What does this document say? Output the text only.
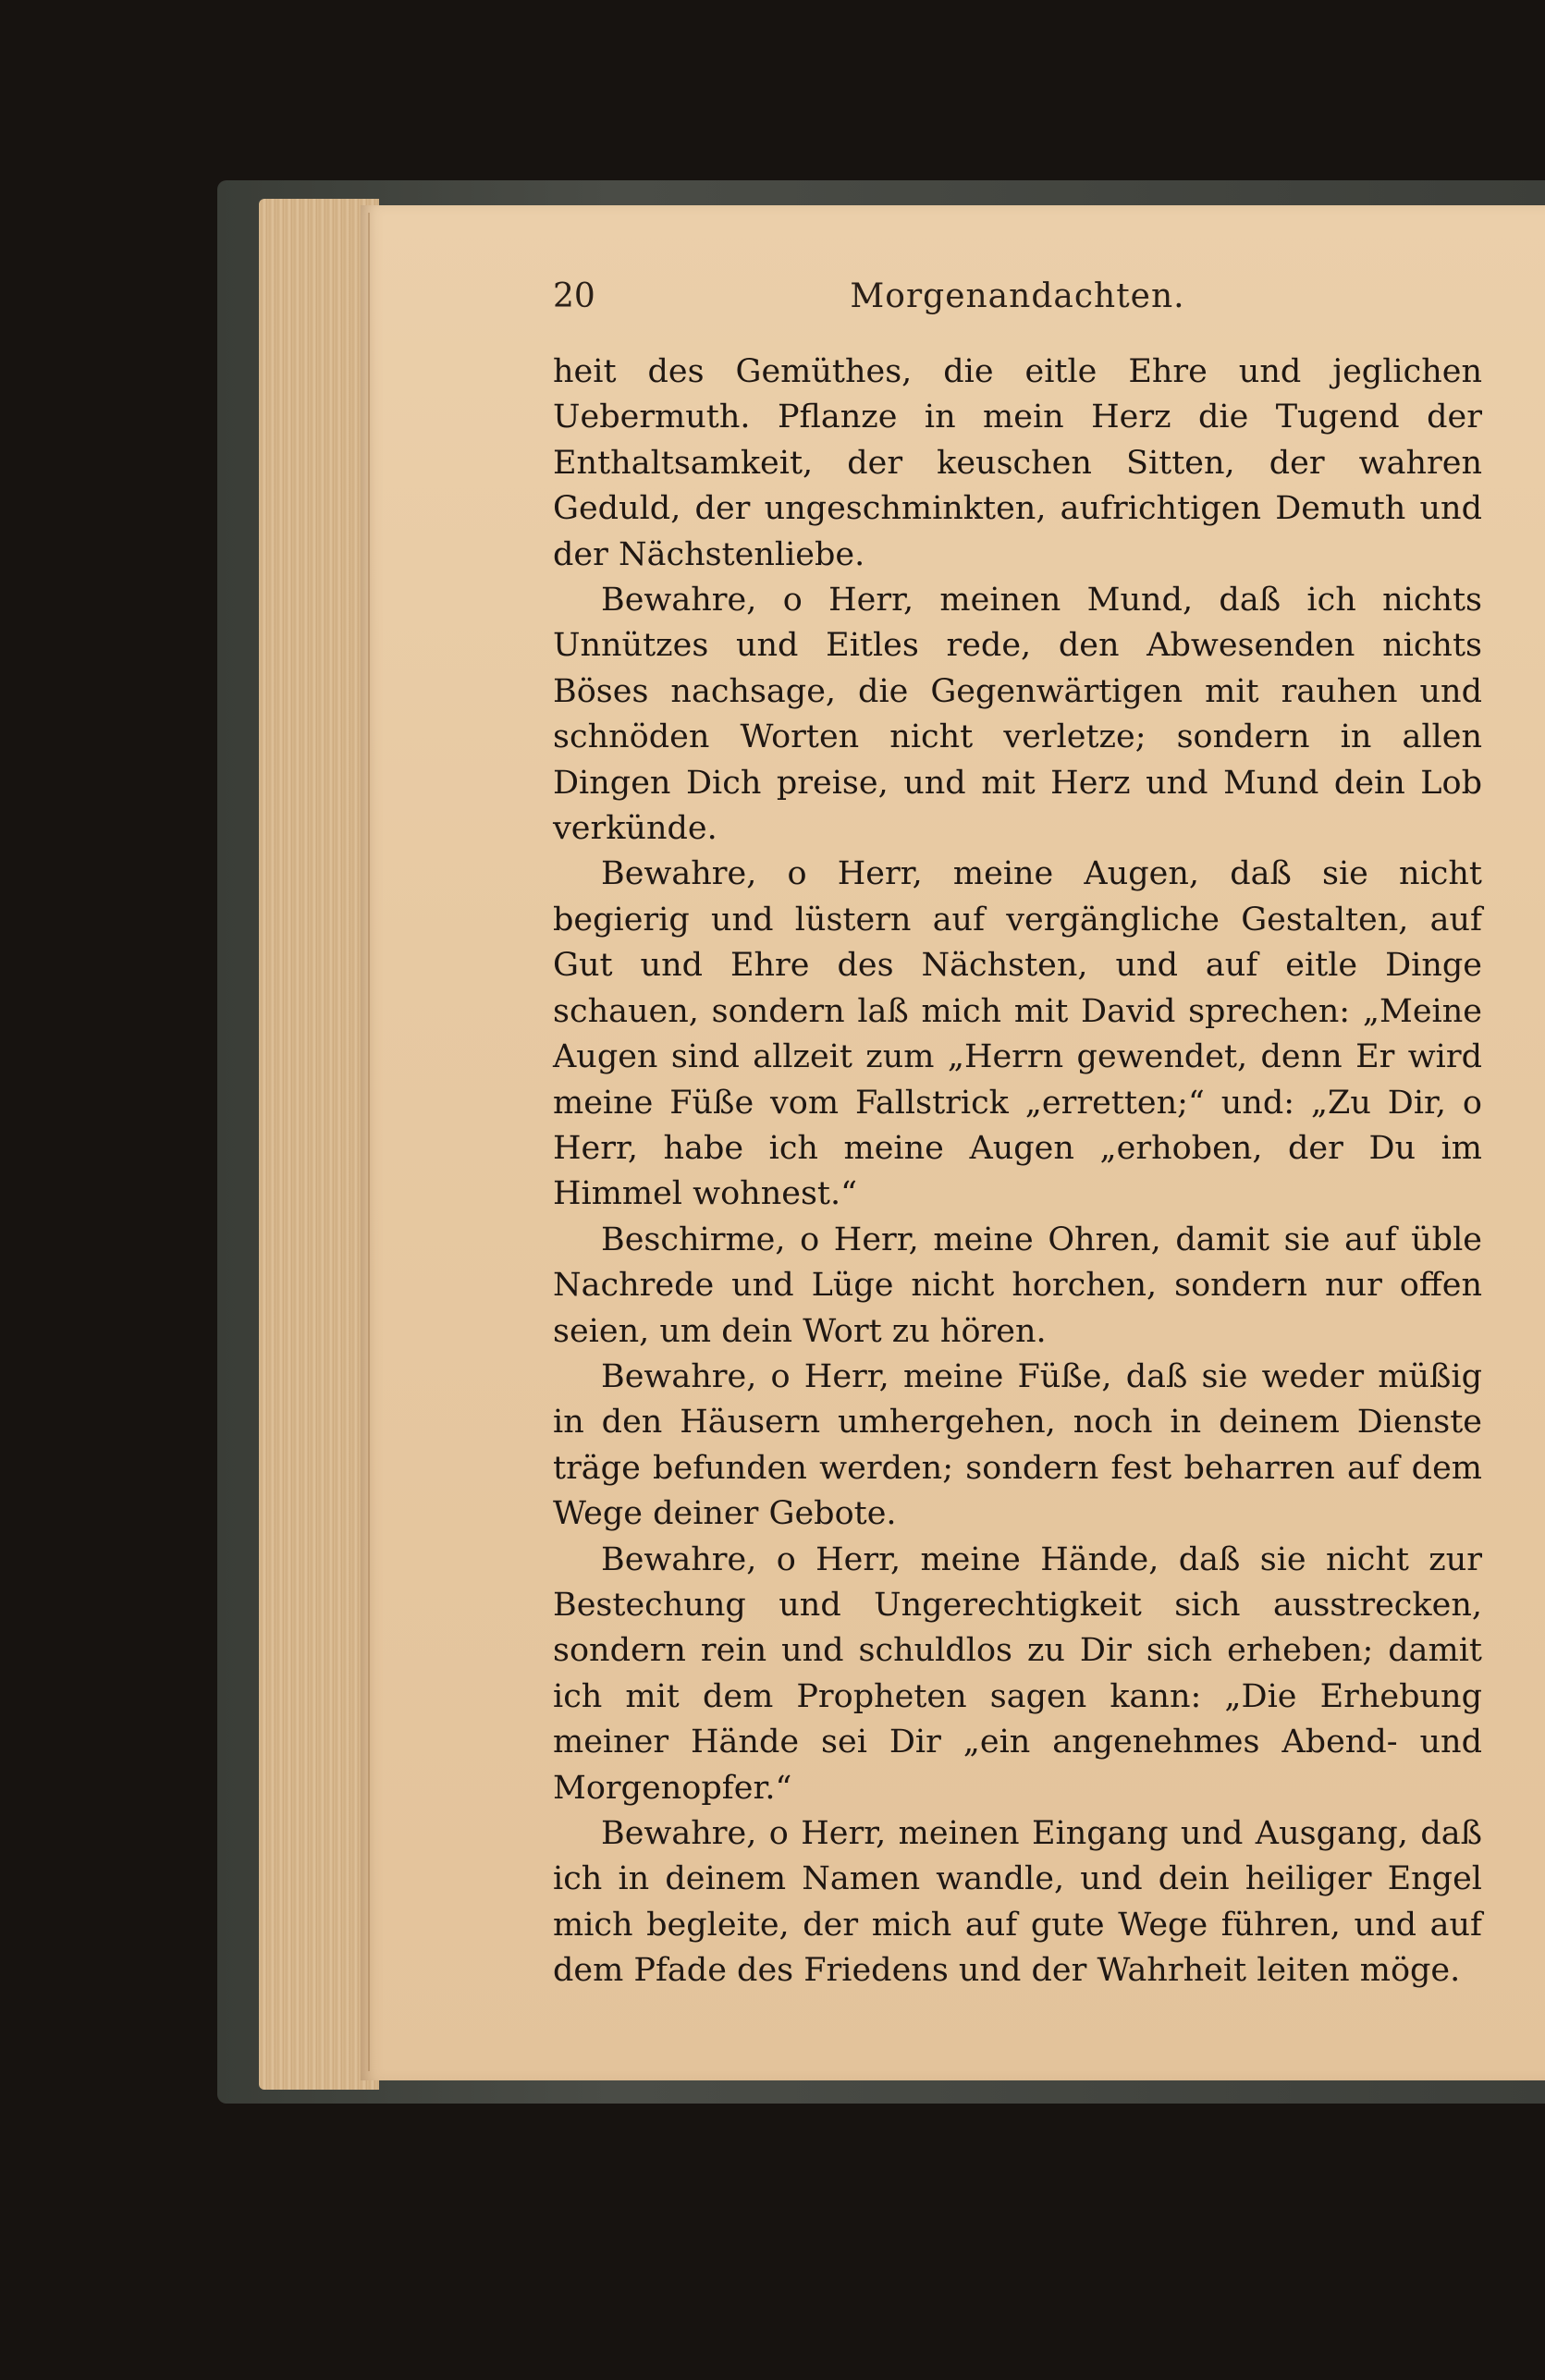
20	Morgenandachten.

heit des Gemüthes, die eitle Ehre und jeglichen Uebermuth. Pflanze in mein Herz die Tugend der Enthaltsamkeit, der keuschen Sitten, der wahren Geduld, der ungeschminkten, aufrichtigen Demuth und der Nächstenliebe.

Bewahre, o Herr, meinen Mund, daß ich nichts Unnützes und Eitles rede, den Abwesenden nichts Böses nachsage, die Gegenwärtigen mit rauhen und schnöden Worten nicht verletze; sondern in allen Dingen Dich preise, und mit Herz und Mund dein Lob verkünde.

Bewahre, o Herr, meine Augen, daß sie nicht begierig und lüstern auf vergängliche Gestalten, auf Gut und Ehre des Nächsten, und auf eitle Dinge schauen, sondern laß mich mit David sprechen: „Meine Augen sind allzeit zum „Herrn gewendet, denn Er wird meine Füße vom Fallstrick „erretten;“ und: „Zu Dir, o Herr, habe ich meine Augen „erhoben, der Du im Himmel wohnest.“

Beschirme, o Herr, meine Ohren, damit sie auf üble Nachrede und Lüge nicht horchen, sondern nur offen seien, um dein Wort zu hören.

Bewahre, o Herr, meine Füße, daß sie weder müßig in den Häusern umhergehen, noch in deinem Dienste träge befunden werden; sondern fest beharren auf dem Wege deiner Gebote.

Bewahre, o Herr, meine Hände, daß sie nicht zur Bestechung und Ungerechtigkeit sich ausstrecken, sondern rein und schuldlos zu Dir sich erheben; damit ich mit dem Propheten sagen kann: „Die Erhebung meiner Hände sei Dir „ein angenehmes Abend- und Morgenopfer.“

Bewahre, o Herr, meinen Eingang und Ausgang, daß ich in deinem Namen wandle, und dein heiliger Engel mich begleite, der mich auf gute Wege führen, und auf dem Pfade des Friedens und der Wahrheit leiten möge.
